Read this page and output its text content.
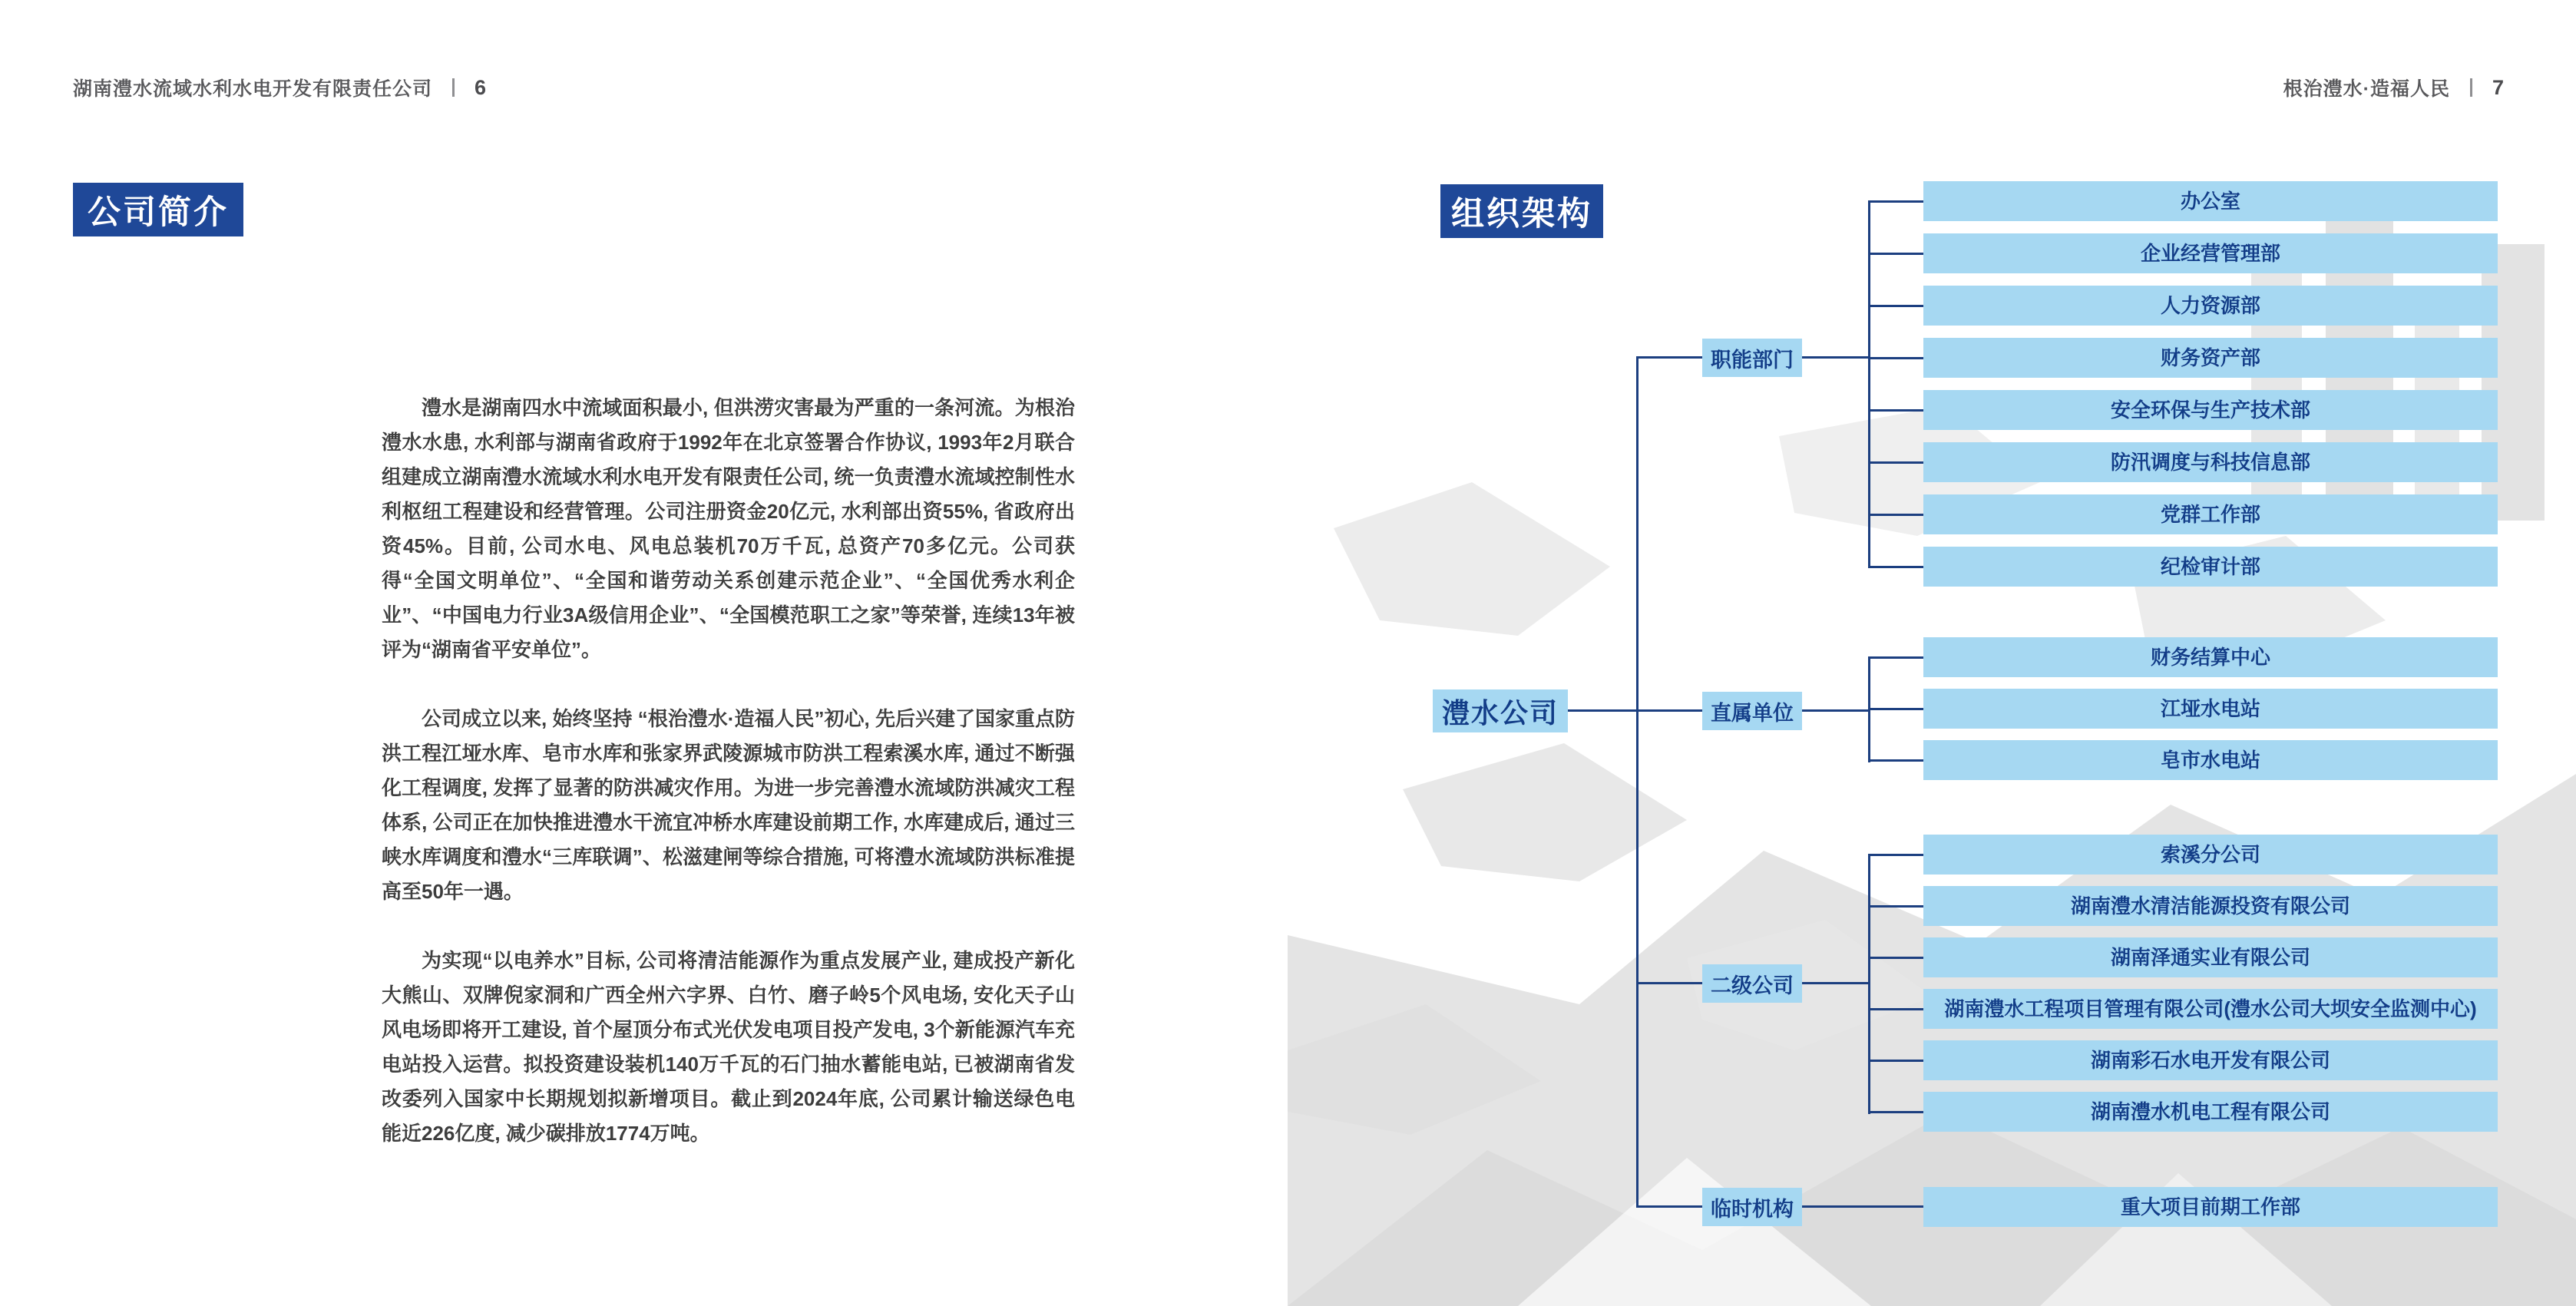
湖南澧水流域水利水电开发有限责任公司 6
公司简介

澧水是湖南四水中流域面积最小, 但洪涝灾害最为严重的一条河流。为根治澧水水患, 水利部与湖南省政府于1992年在北京签署合作协议, 1993年2月联合组建成立湖南澧水流域水利水电开发有限责任公司, 统一负责澧水流域控制性水利枢纽工程建设和经营管理。公司注册资金20亿元, 水利部出资55%, 省政府出资45%。目前, 公司水电、风电总装机70万千瓦, 总资产70多亿元。公司获得“全国文明单位”、“全国和谐劳动关系创建示范企业”、“全国优秀水利企业”、“中国电力行业3A级信用企业”、“全国模范职工之家”等荣誉, 连续13年被评为“湖南省平安单位”。

公司成立以来, 始终坚持 “根治澧水·造福人民”初心, 先后兴建了国家重点防洪工程江垭水库、皂市水库和张家界武陵源城市防洪工程索溪水库, 通过不断强化工程调度, 发挥了显著的防洪减灾作用。为进一步完善澧水流域防洪减灾工程体系, 公司正在加快推进澧水干流宜冲桥水库建设前期工作, 水库建成后, 通过三峡水库调度和澧水“三库联调”、松滋建闸等综合措施, 可将澧水流域防洪标准提高至50年一遇。

为实现“以电养水”目标, 公司将清洁能源作为重点发展产业, 建成投产新化大熊山、双牌倪家洞和广西全州六字界、白竹、磨子岭5个风电场, 安化天子山风电场即将开工建设, 首个屋顶分布式光伏发电项目投产发电, 3个新能源汽车充电站投入运营。拟投资建设装机140万千瓦的石门抽水蓄能电站, 已被湖南省发改委列入国家中长期规划拟新增项目。截止到2024年底, 公司累计输送绿色电能近226亿度, 减少碳排放1774万吨。

根治澧水·造福人民 7
组织架构
澧水公司
职能部门
直属单位
二级公司
临时机构
办公室
企业经营管理部
人力资源部
财务资产部
安全环保与生产技术部
防汛调度与科技信息部
党群工作部
纪检审计部
财务结算中心
江垭水电站
皂市水电站
索溪分公司
湖南澧水清洁能源投资有限公司
湖南泽通实业有限公司
湖南澧水工程项目管理有限公司(澧水公司大坝安全监测中心)
湖南彩石水电开发有限公司
湖南澧水机电工程有限公司
重大项目前期工作部
